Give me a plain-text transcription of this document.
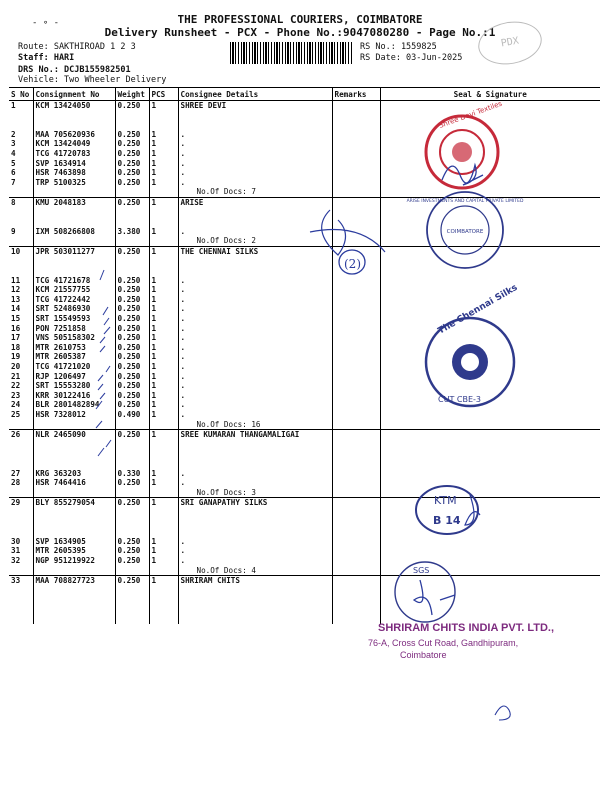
- ∘ -	THE PROFESSIONAL COURIERS, COIMBATORE
Delivery Runsheet - PCX - Phone No.:9047080280 - Page No.:1
PDX
Route: SAKTHIROAD 1 2 3
Staff: HARI
DRS No.: DCJB155982501
Vehicle: Two Wheeler Delivery
RS No.: 1559825
RS Date: 03-Jun-2025
S No	Consignment No	Weight	PCS	Consignee Details	Remarks	Seal & Signature
1	KCM 13424050	0.250	1	SHREE DEVI		

2	MAA 705620936	0.250	1	.		
3	KCM 13424049	0.250	1	.		
4	TCG 41720783	0.250	1	.		
5	SVP 1634914	0.250	1	.		
6	HSR 7463898	0.250	1	.		
7	TRP 5100325	0.250	1	.		
				No.Of Docs: 7		
8	KMU 2048183	0.250	1	ARISE		

9	IXM 508266808	3.380	1	.		
				No.Of Docs: 2		
10	JPR 503011277	0.250	1	THE CHENNAI SILKS		

11	TCG 41721678	0.250	1	.		
12	KCM 21557755	0.250	1	.		
13	TCG 41722442	0.250	1	.		
14	SRT 52486930	0.250	1	.		
15	SRT 15549593	0.250	1	.		
16	PON 7251858	0.250	1	.		
17	VNS 505158302	0.250	1	.		
18	MTR 2610753	0.250	1	.		
19	MTR 2605387	0.250	1	.		
20	TCG 41721020	0.250	1	.		
21	RJP 1206497	0.250	1	.		
22	SRT 15553280	0.250	1	.		
23	KRR 30122416	0.250	1	.		
24	BLR 2801482894	0.250	1	.		
25	HSR 7328012	0.490	1	.		
				No.Of Docs: 16		
26	NLR 2465090	0.250	1	SREE KUMARAN THANGAMALIGAI		

27	KRG 363203	0.330	1	.		
28	HSR 7464416	0.250	1	.		
				No.Of Docs: 3		
29	BLY 855279054	0.250	1	SRI GANAPATHY SILKS		

30	SVP 1634905	0.250	1	.		
31	MTR 2605395	0.250	1	.		
32	NGP 951219922	0.250	1	.		
				No.Of Docs: 4		
33	MAA 708827723	0.250	1	SHRIRAM CHITS		

Shree Devi Textiles
ARISE INVESTMENTS AND CAPITAL PRIVATE LIMITED
COIMBATORE
(2)
The Chennai Silks
CUT CBE-3
KTM
B 14
SGS
SHRIRAM CHITS INDIA PVT. LTD.,
76-A, Cross Cut Road, Gandhipuram,
Coimbatore
